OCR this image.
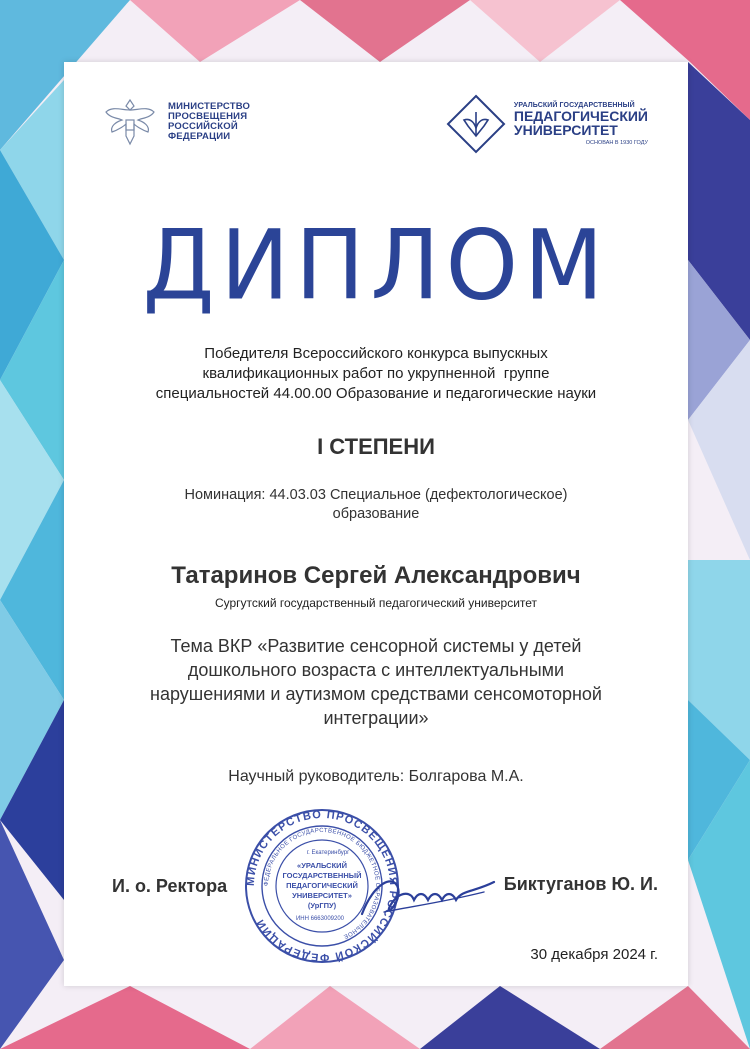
МИНИСТЕРСТВО
ПРОСВЕЩЕНИЯ
РОССИЙСКОЙ
ФЕДЕРАЦИИ
УРАЛЬСКИЙ ГОСУДАРСТВЕННЫЙ
ПЕДАГОГИЧЕСКИЙ
УНИВЕРСИТЕТ
ОСНОВАН В 1930 ГОДУ
ДИПЛОМ
Победителя Всероссийского конкурса выпускных
квалификационных работ по укрупненной  группе
специальностей 44.00.00 Образование и педагогические науки
I СТЕПЕНИ
Номинация: 44.03.03 Специальное (дефектологическое)
образование
Татаринов Сергей Александрович
Сургутский государственный педагогический университет
Тема ВКР «Развитие сенсорной системы у детей
дошкольного возраста с интеллектуальными
нарушениями и аутизмом средствами сенсомоторной
интеграции»
Научный руководитель: Болгарова М.А.
МИНИСТЕРСТВО ПРОСВЕЩЕНИЯ РОССИЙСКОЙ ФЕДЕРАЦИИ
ФЕДЕРАЛЬНОЕ ГОСУДАРСТВЕННОЕ БЮДЖЕТНОЕ ОБРАЗОВАТЕЛЬНОЕ
г. Екатеринбург
«УРАЛЬСКИЙ
ГОСУДАРСТВЕННЫЙ
ПЕДАГОГИЧЕСКИЙ
УНИВЕРСИТЕТ»
(УрГПУ)
ИНН 6663009200
И. о. Ректора	Биктуганов Ю. И.
30 декабря 2024 г.
